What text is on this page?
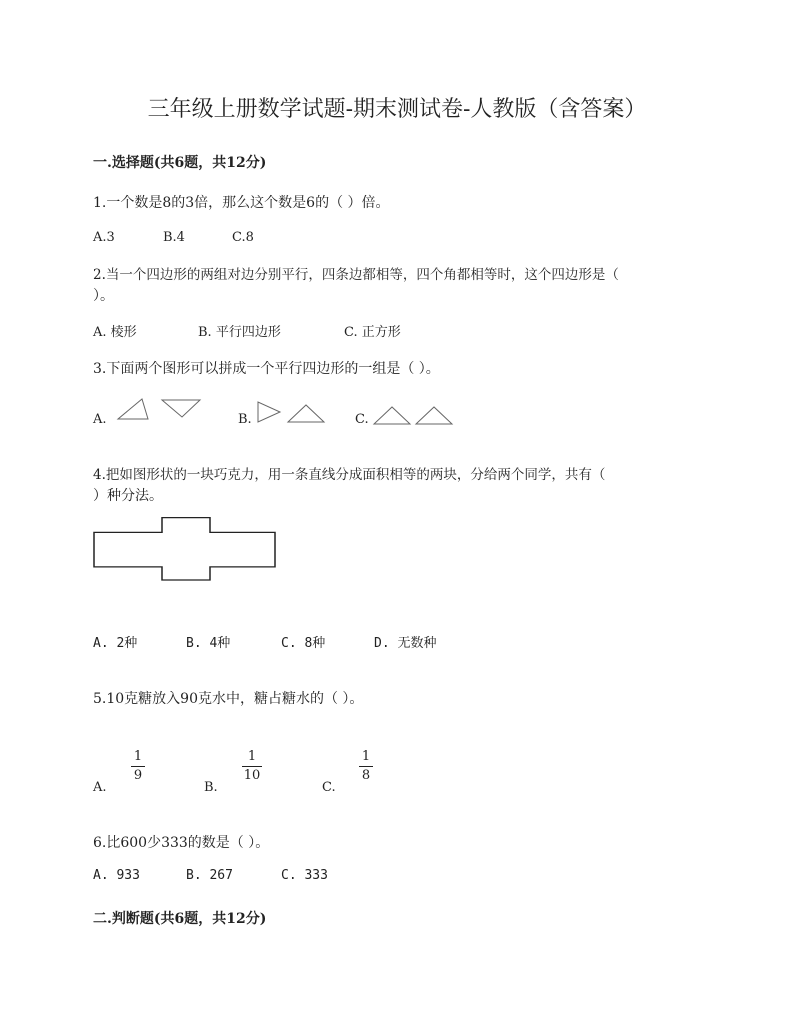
三年级上册数学试题-期末测试卷-人教版（含答案）
一.选择题(共6题，共12分)
1.一个数是8的3倍，那么这个数是6的（ ）倍。
A.3	B.4	C.8
2.当一个四边形的两组对边分别平行，四条边都相等，四个角都相等时，这个四边形是（
）。
A. 棱形	B. 平行四边形	C. 正方形
3.下面两个图形可以拼成一个平行四边形的一组是（ ）。
A.	B.	C.
4.把如图形状的一块巧克力，用一条直线分成面积相等的两块，分给两个同学，共有（
）种分法。
A. 2种	B. 4种	C. 8种	D. 无数种
5.10克糖放入90克水中，糖占糖水的（ ）。
A.
1
9
B.
1
10
C.
1
8
6.比600少333的数是（ ）。
A. 933	B. 267	C. 333
二.判断题(共6题，共12分)
